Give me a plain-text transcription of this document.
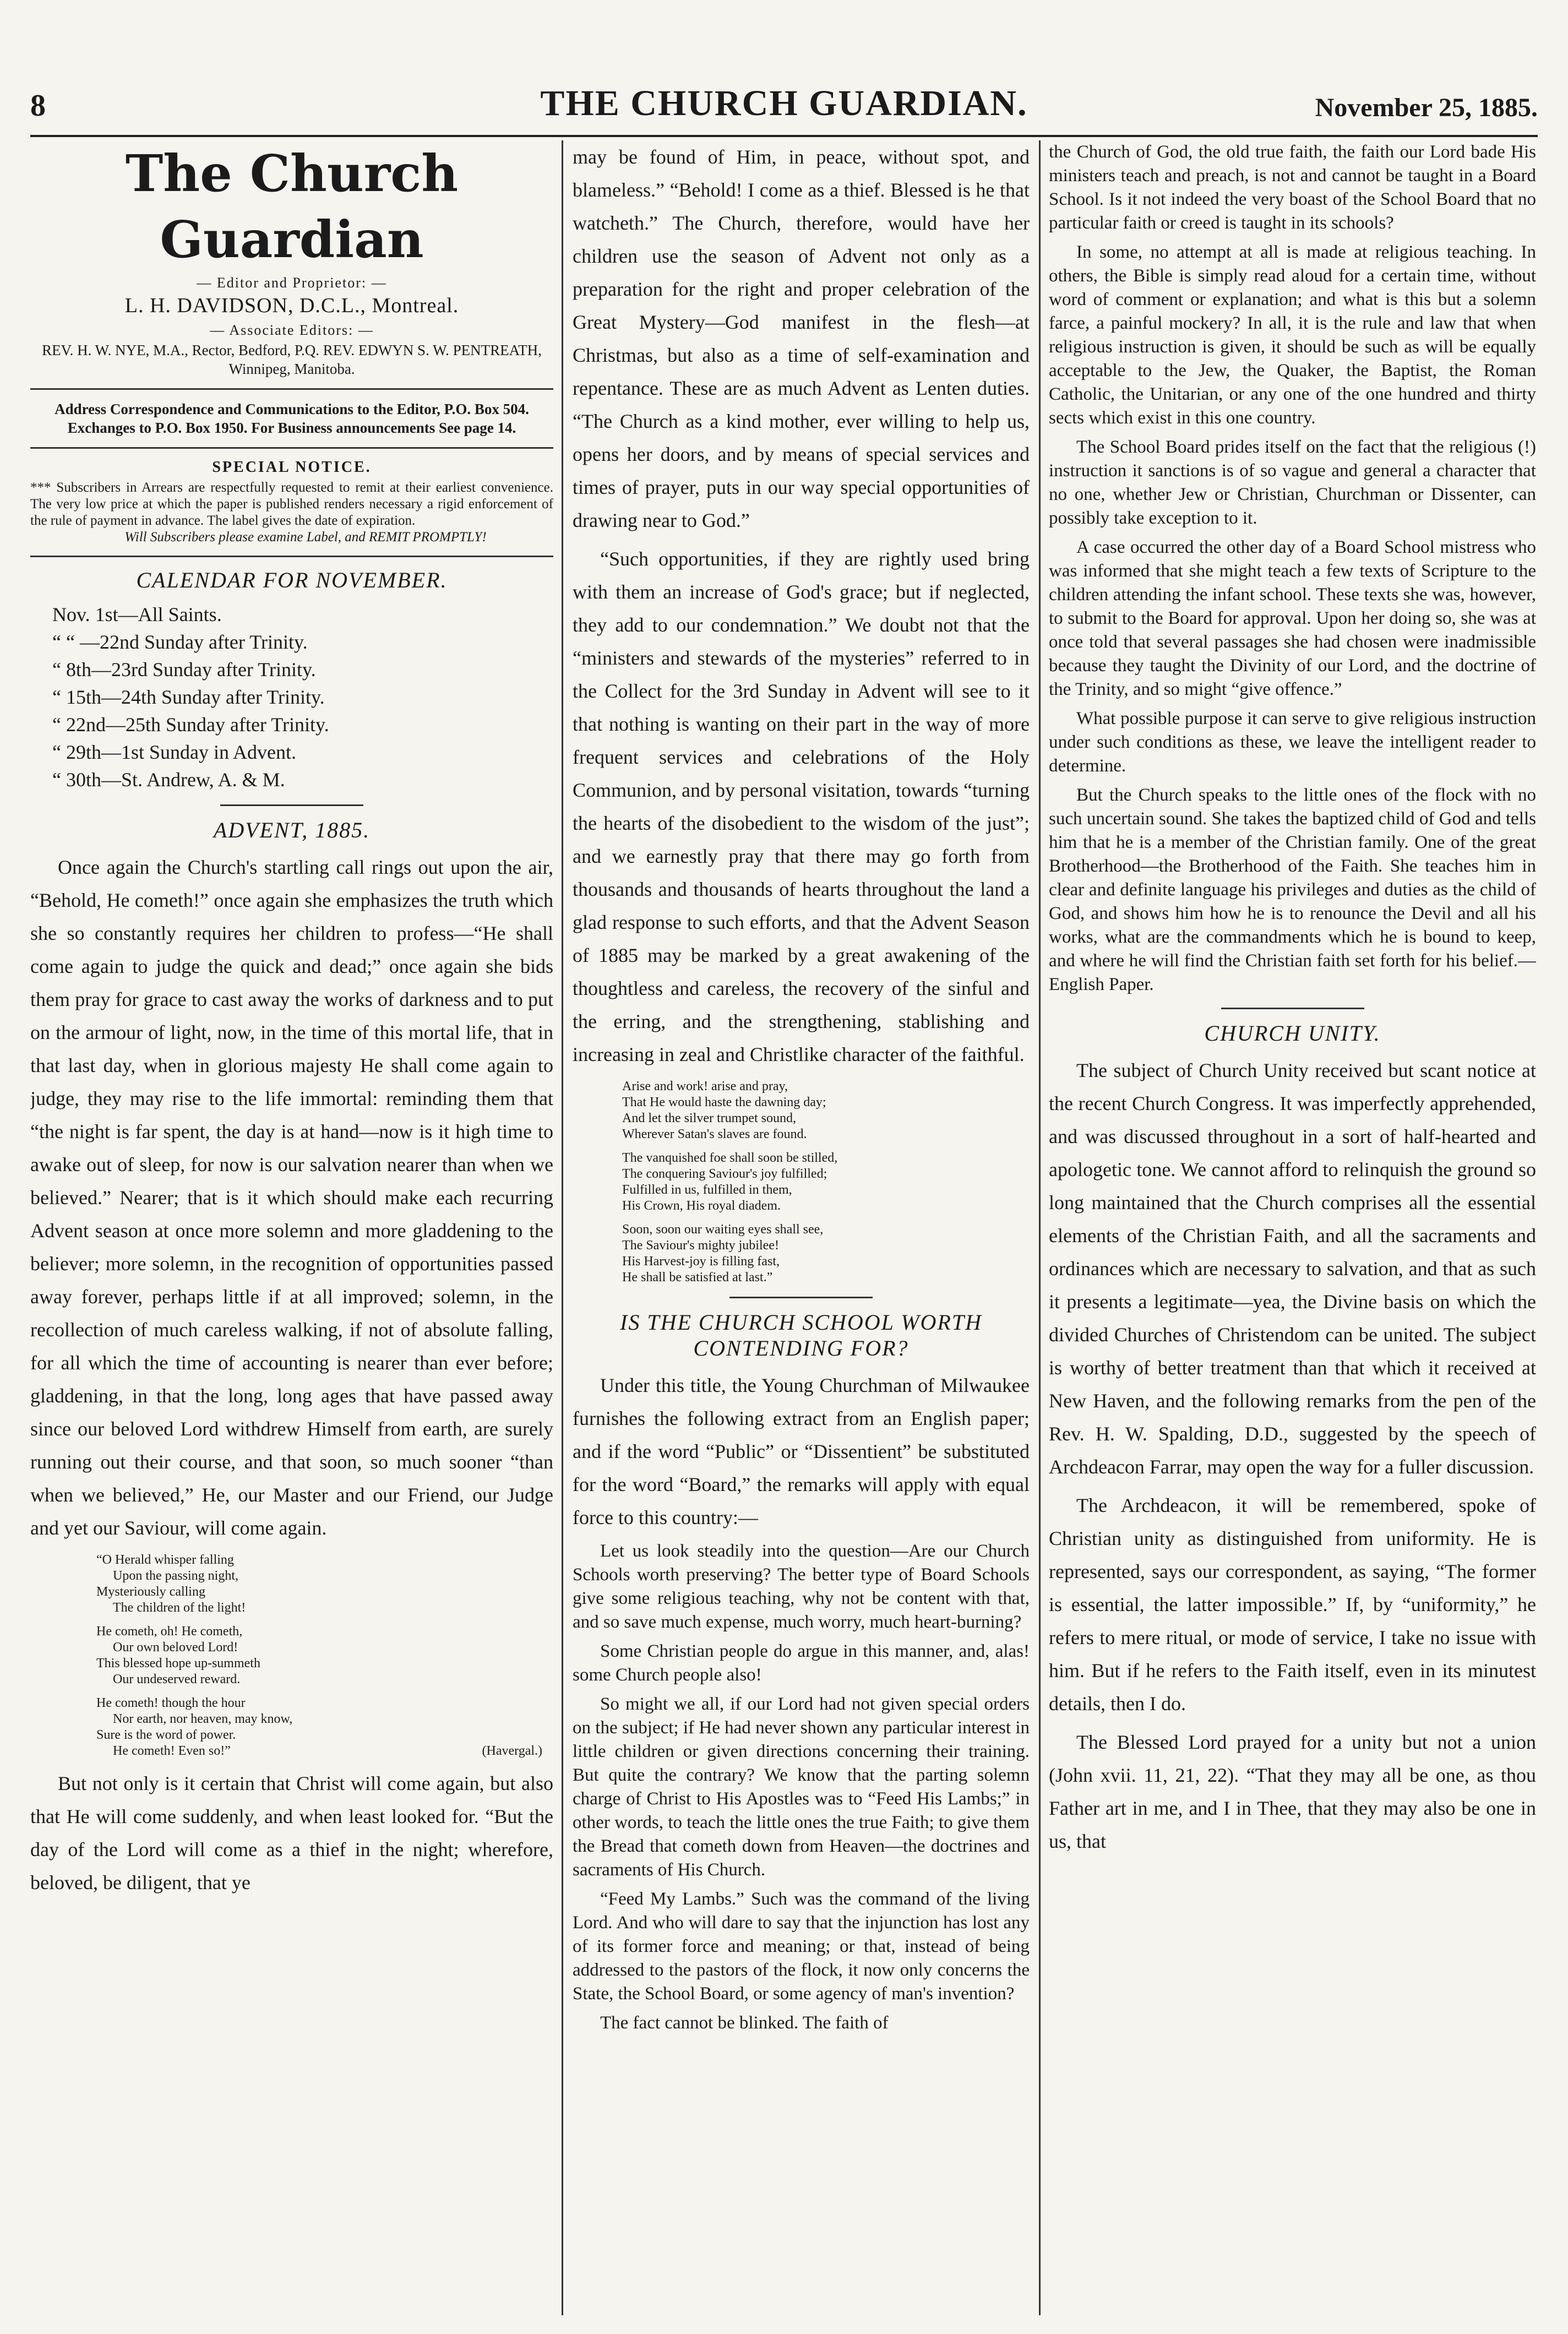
8	THE CHURCH GUARDIAN.	November 25, 1885.
The Church Guardian
— Editor and Proprietor: —
L. H. DAVIDSON, D.C.L., Montreal.
— Associate Editors: —
REV. H. W. NYE, M.A., Rector, Bedford, P.Q. REV. EDWYN S. W. PENTREATH, Winnipeg, Manitoba.
Address Correspondence and Communications to the Editor, P.O. Box 504. Exchanges to P.O. Box 1950. For Business announcements See page 14.
SPECIAL NOTICE.

*** Subscribers in Arrears are respectfully requested to remit at their earliest convenience. The very low price at which the paper is published renders necessary a rigid enforcement of the rule of payment in advance. The label gives the date of expiration.

Will Subscribers please examine Label, and REMIT PROMPTLY!

CALENDAR FOR NOVEMBER.
Nov. 1st—All Saints.
“ “ —22nd Sunday after Trinity.
“ 8th—23rd Sunday after Trinity.
“ 15th—24th Sunday after Trinity.
“ 22nd—25th Sunday after Trinity.
“ 29th—1st Sunday in Advent.
“ 30th—St. Andrew, A. & M.
ADVENT, 1885.

Once again the Church's startling call rings out upon the air, “Behold, He cometh!” once again she emphasizes the truth which she so constantly requires her children to profess—“He shall come again to judge the quick and dead;” once again she bids them pray for grace to cast away the works of darkness and to put on the armour of light, now, in the time of this mortal life, that in that last day, when in glorious majesty He shall come again to judge, they may rise to the life immortal: reminding them that “the night is far spent, the day is at hand—now is it high time to awake out of sleep, for now is our salvation nearer than when we believed.” Nearer; that is it which should make each recurring Advent season at once more solemn and more gladdening to the believer; more solemn, in the recognition of opportunities passed away forever, perhaps little if at all improved; solemn, in the recollection of much careless walking, if not of absolute falling, for all which the time of accounting is nearer than ever before; gladdening, in that the long, long ages that have passed away since our beloved Lord withdrew Himself from earth, are surely running out their course, and that soon, so much sooner “than when we believed,” He, our Master and our Friend, our Judge and yet our Saviour, will come again.

“O Herald whisper falling
Upon the passing night,
Mysteriously calling
The children of the light!
He cometh, oh! He cometh,
Our own beloved Lord!
This blessed hope up-summeth
Our undeserved reward.
He cometh! though the hour
Nor earth, nor heaven, may know,
Sure is the word of power.
He cometh! Even so!”	(Havergal.)

But not only is it certain that Christ will come again, but also that He will come suddenly, and when least looked for. “But the day of the Lord will come as a thief in the night; wherefore, beloved, be diligent, that ye

may be found of Him, in peace, without spot, and blameless.” “Behold! I come as a thief. Blessed is he that watcheth.” The Church, therefore, would have her children use the season of Advent not only as a preparation for the right and proper celebration of the Great Mystery—God manifest in the flesh—at Christmas, but also as a time of self-examination and repentance. These are as much Advent as Lenten duties. “The Church as a kind mother, ever willing to help us, opens her doors, and by means of special services and times of prayer, puts in our way special opportunities of drawing near to God.”

“Such opportunities, if they are rightly used bring with them an increase of God's grace; but if neglected, they add to our condemnation.” We doubt not that the “ministers and stewards of the mysteries” referred to in the Collect for the 3rd Sunday in Advent will see to it that nothing is wanting on their part in the way of more frequent services and celebrations of the Holy Communion, and by personal visitation, towards “turning the hearts of the disobedient to the wisdom of the just”; and we earnestly pray that there may go forth from thousands and thousands of hearts throughout the land a glad response to such efforts, and that the Advent Season of 1885 may be marked by a great awakening of the thoughtless and careless, the recovery of the sinful and the erring, and the strengthening, stablishing and increasing in zeal and Christlike character of the faithful.

Arise and work! arise and pray,
That He would haste the dawning day;
And let the silver trumpet sound,
Wherever Satan's slaves are found.
The vanquished foe shall soon be stilled,
The conquering Saviour's joy fulfilled;
Fulfilled in us, fulfilled in them,
His Crown, His royal diadem.
Soon, soon our waiting eyes shall see,
The Saviour's mighty jubilee!
His Harvest-joy is filling fast,
He shall be satisfied at last.”
IS THE CHURCH SCHOOL WORTH CONTENDING FOR?

Under this title, the Young Churchman of Milwaukee furnishes the following extract from an English paper; and if the word “Public” or “Dissentient” be substituted for the word “Board,” the remarks will apply with equal force to this country:—

Let us look steadily into the question—Are our Church Schools worth preserving? The better type of Board Schools give some religious teaching, why not be content with that, and so save much expense, much worry, much heart-burning?

Some Christian people do argue in this manner, and, alas! some Church people also!

So might we all, if our Lord had not given special orders on the subject; if He had never shown any particular interest in little children or given directions concerning their training. But quite the contrary? We know that the parting solemn charge of Christ to His Apostles was to “Feed His Lambs;” in other words, to teach the little ones the true Faith; to give them the Bread that cometh down from Heaven—the doctrines and sacraments of His Church.

“Feed My Lambs.” Such was the command of the living Lord. And who will dare to say that the injunction has lost any of its former force and meaning; or that, instead of being addressed to the pastors of the flock, it now only concerns the State, the School Board, or some agency of man's invention?

The fact cannot be blinked. The faith of

the Church of God, the old true faith, the faith our Lord bade His ministers teach and preach, is not and cannot be taught in a Board School. Is it not indeed the very boast of the School Board that no particular faith or creed is taught in its schools?

In some, no attempt at all is made at religious teaching. In others, the Bible is simply read aloud for a certain time, without word of comment or explanation; and what is this but a solemn farce, a painful mockery? In all, it is the rule and law that when religious instruction is given, it should be such as will be equally acceptable to the Jew, the Quaker, the Baptist, the Roman Catholic, the Unitarian, or any one of the one hundred and thirty sects which exist in this one country.

The School Board prides itself on the fact that the religious (!) instruction it sanctions is of so vague and general a character that no one, whether Jew or Christian, Churchman or Dissenter, can possibly take exception to it.

A case occurred the other day of a Board School mistress who was informed that she might teach a few texts of Scripture to the children attending the infant school. These texts she was, however, to submit to the Board for approval. Upon her doing so, she was at once told that several passages she had chosen were inadmissible because they taught the Divinity of our Lord, and the doctrine of the Trinity, and so might “give offence.”

What possible purpose it can serve to give religious instruction under such conditions as these, we leave the intelligent reader to determine.

But the Church speaks to the little ones of the flock with no such uncertain sound. She takes the baptized child of God and tells him that he is a member of the Christian family. One of the great Brotherhood—the Brotherhood of the Faith. She teaches him in clear and definite language his privileges and duties as the child of God, and shows him how he is to renounce the Devil and all his works, what are the commandments which he is bound to keep, and where he will find the Christian faith set forth for his belief.—English Paper.

CHURCH UNITY.

The subject of Church Unity received but scant notice at the recent Church Congress. It was imperfectly apprehended, and was discussed throughout in a sort of half-hearted and apologetic tone. We cannot afford to relinquish the ground so long maintained that the Church comprises all the essential elements of the Christian Faith, and all the sacraments and ordinances which are necessary to salvation, and that as such it presents a legitimate—yea, the Divine basis on which the divided Churches of Christendom can be united. The subject is worthy of better treatment than that which it received at New Haven, and the following remarks from the pen of the Rev. H. W. Spalding, D.D., suggested by the speech of Archdeacon Farrar, may open the way for a fuller discussion.

The Archdeacon, it will be remembered, spoke of Christian unity as distinguished from uniformity. He is represented, says our correspondent, as saying, “The former is essential, the latter impossible.” If, by “uniformity,” he refers to mere ritual, or mode of service, I take no issue with him. But if he refers to the Faith itself, even in its minutest details, then I do.

The Blessed Lord prayed for a unity but not a union (John xvii. 11, 21, 22). “That they may all be one, as thou Father art in me, and I in Thee, that they may also be one in us, that
